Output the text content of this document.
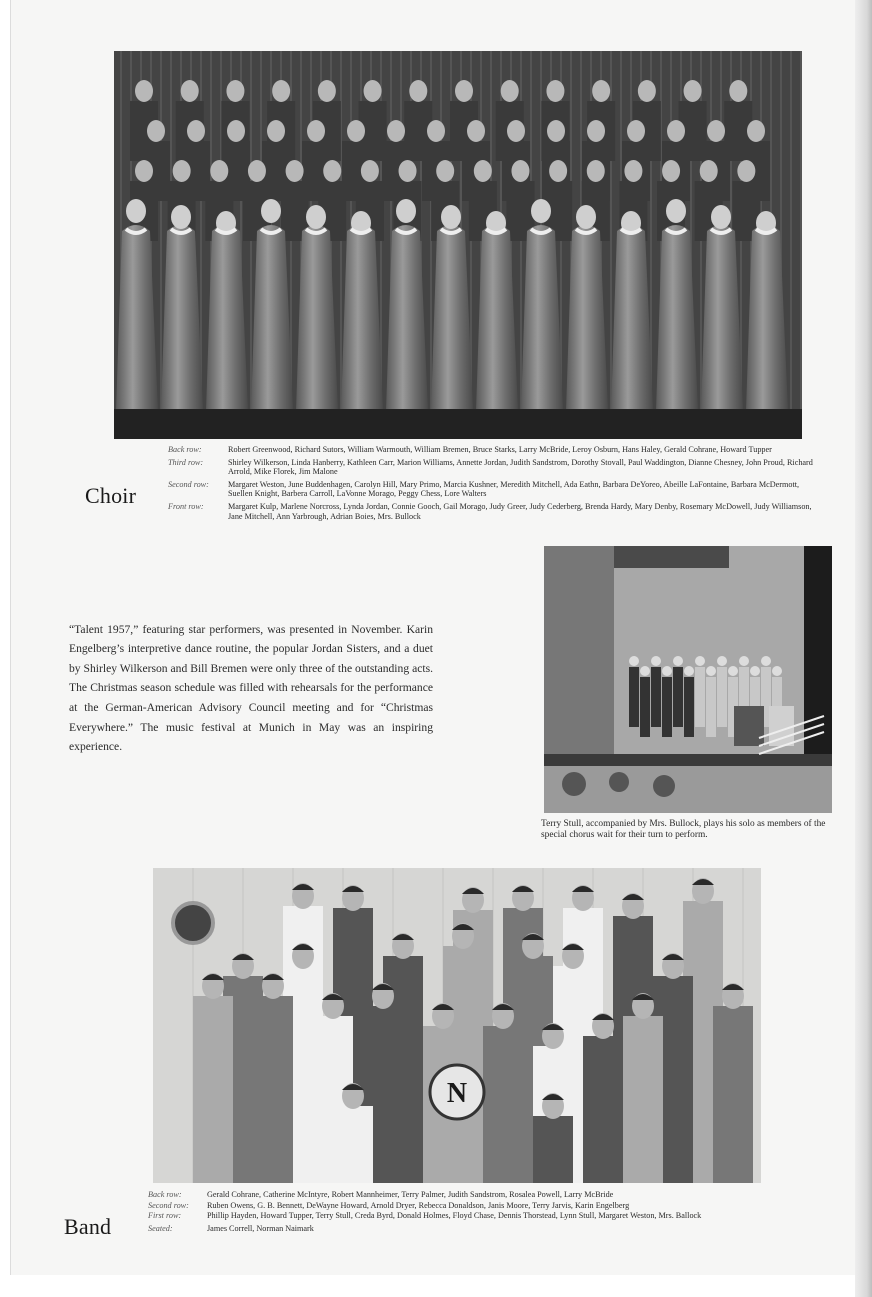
Choir
Back row:	Robert Greenwood, Richard Sutors, William Warmouth, William Bremen, Bruce Starks, Larry McBride, Leroy Osburn, Hans Haley, Gerald Cohrane, Howard Tupper
Third row:	Shirley Wilkerson, Linda Hanberry, Kathleen Carr, Marion Williams, Annette Jordan, Judith Sandstrom, Dorothy Stovall, Paul Waddington, Dianne Chesney, John Proud, Richard Arrold, Mike Florek, Jim Malone
Second row:	Margaret Weston, June Buddenhagen, Carolyn Hill, Mary Primo, Marcia Kushner, Meredith Mitchell, Ada Eathn, Barbara DeYoreo, Abeille LaFontaine, Barbara McDermott, Suellen Knight, Barbera Carroll, LaVonne Morago, Peggy Chess, Lore Walters
Front row:	Margaret Kulp, Marlene Norcross, Lynda Jordan, Connie Gooch, Gail Morago, Judy Greer, Judy Cederberg, Brenda Hardy, Mary Denby, Rosemary McDowell, Judy Williamson, Jane Mitchell, Ann Yarbrough, Adrian Boies, Mrs. Bullock

“Talent 1957,” featuring star performers, was presented in November. Karin Engelberg’s interpretive dance routine, the popular Jordan Sisters, and a duet by Shirley Wilkerson and Bill Bremen were only three of the outstanding acts. The Christmas season schedule was filled with rehearsals for the performance at the German-American Advisory Council meeting and for “Christmas Everywhere.” The music festival at Munich in May was an inspiring experience.

Terry Stull, accompanied by Mrs. Bullock, plays his solo as members of the special chorus wait for their turn to perform.
N
Band
Back row:	Gerald Cohrane, Catherine McIntyre, Robert Mannheimer, Terry Palmer, Judith Sandstrom, Rosalea Powell, Larry McBride
Second row:	Ruben Owens, G. B. Bennett, DeWayne Howard, Arnold Dryer, Rebecca Donaldson, Janis Moore, Terry Jarvis, Karin Engelberg
First row:	Phillip Hayden, Howard Tupper, Terry Stull, Creda Byrd, Donald Holmes, Floyd Chase, Dennis Thorstead, Lynn Stull, Margaret Weston, Mrs. Ballock
Seated:	James Correll, Norman Naimark
